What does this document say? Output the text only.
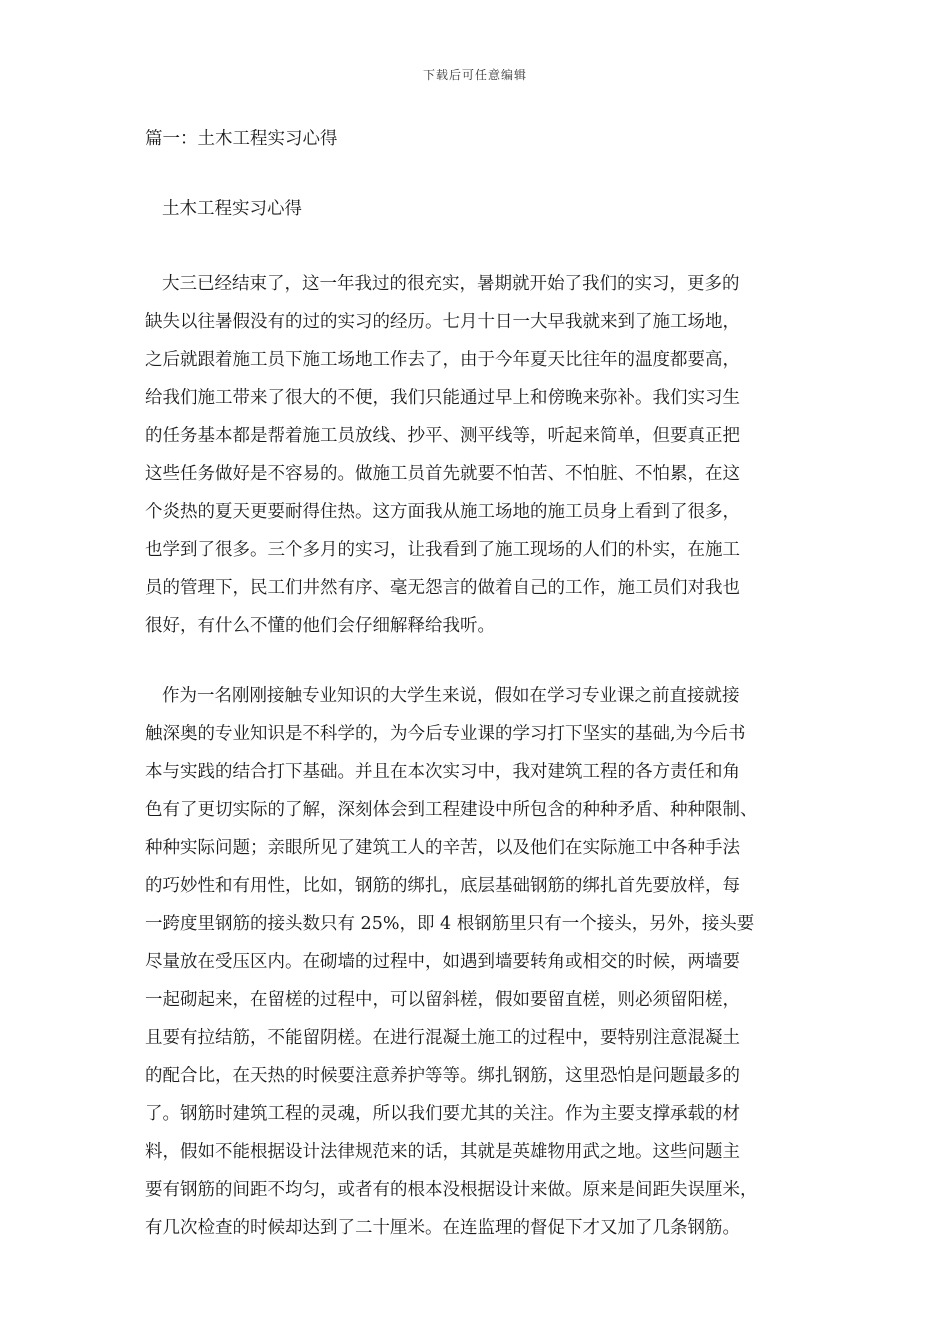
下载后可任意编辑
篇一：土木工程实习心得
土木工程实习心得
大三已经结束了，这一年我过的很充实，暑期就开始了我们的实习，更多的
缺失以往暑假没有的过的实习的经历。七月十日一大早我就来到了施工场地，
之后就跟着施工员下施工场地工作去了，由于今年夏天比往年的温度都要高，
给我们施工带来了很大的不便，我们只能通过早上和傍晚来弥补。我们实习生
的任务基本都是帮着施工员放线、抄平、测平线等，听起来简单，但要真正把
这些任务做好是不容易的。做施工员首先就要不怕苦、不怕脏、不怕累，在这
个炎热的夏天更要耐得住热。这方面我从施工场地的施工员身上看到了很多，
也学到了很多。三个多月的实习，让我看到了施工现场的人们的朴实，在施工
员的管理下，民工们井然有序、毫无怨言的做着自己的工作，施工员们对我也
很好，有什么不懂的他们会仔细解释给我听。
作为一名刚刚接触专业知识的大学生来说，假如在学习专业课之前直接就接
触深奥的专业知识是不科学的，为今后专业课的学习打下坚实的基础,为今后书
本与实践的结合打下基础。并且在本次实习中，我对建筑工程的各方责任和角
色有了更切实际的了解，深刻体会到工程建设中所包含的种种矛盾、种种限制、
种种实际问题；亲眼所见了建筑工人的辛苦，以及他们在实际施工中各种手法
的巧妙性和有用性，比如，钢筋的绑扎，底层基础钢筋的绑扎首先要放样，每
一跨度里钢筋的接头数只有 25%，即 4 根钢筋里只有一个接头，另外，接头要
尽量放在受压区内。在砌墙的过程中，如遇到墙要转角或相交的时候，两墙要
一起砌起来，在留槎的过程中，可以留斜槎，假如要留直槎，则必须留阳槎，
且要有拉结筋，不能留阴槎。在进行混凝土施工的过程中，要特别注意混凝土
的配合比，在天热的时候要注意养护等等。绑扎钢筋，这里恐怕是问题最多的
了。钢筋时建筑工程的灵魂，所以我们要尤其的关注。作为主要支撑承载的材
料，假如不能根据设计法律规范来的话，其就是英雄物用武之地。这些问题主
要有钢筋的间距不均匀，或者有的根本没根据设计来做。原来是间距失误厘米，
有几次检查的时候却达到了二十厘米。在连监理的督促下才又加了几条钢筋。
